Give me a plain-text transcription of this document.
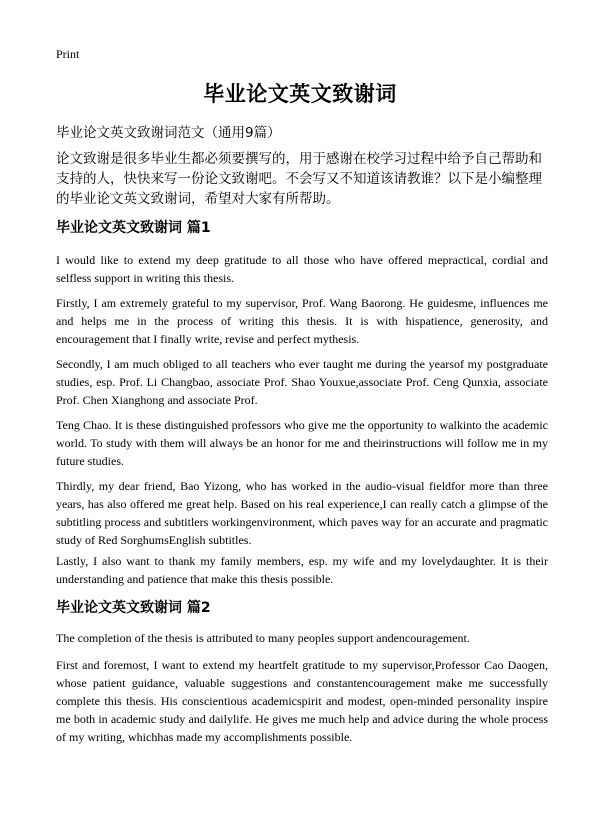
Print
毕业论文英文致谢词
毕业论文英文致谢词范文（通用9篇）
论文致谢是很多毕业生都必须要撰写的，用于感谢在校学习过程中给予自己帮助和支持的人，快快来写一份论文致谢吧。不会写又不知道该请教谁？以下是小编整理的毕业论文英文致谢词，希望对大家有所帮助。
毕业论文英文致谢词 篇1
I would like to extend my deep gratitude to all those who have offered mepractical, cordial and selfless support in writing this thesis.
Firstly, I am extremely grateful to my supervisor, Prof. Wang Baorong. He guidesme, influences me and helps me in the process of writing this thesis. It is with hispatience, generosity, and encouragement that I finally write, revise and perfect mythesis.
Secondly, I am much obliged to all teachers who ever taught me during the yearsof my postgraduate studies, esp. Prof. Li Changbao, associate Prof. Shao Youxue,associate Prof. Ceng Qunxia, associate Prof. Chen Xianghong and associate Prof.
Teng Chao. It is these distinguished professors who give me the opportunity to walkinto the academic world. To study with them will always be an honor for me and theirinstructions will follow me in my future studies.
Thirdly, my dear friend, Bao Yizong, who has worked in the audio-visual fieldfor more than three years, has also offered me great help. Based on his real experience,I can really catch a glimpse of the subtitling process and subtitlers workingenvironment, which paves way for an accurate and pragmatic study of Red SorghumsEnglish subtitles.
Lastly, I also want to thank my family members, esp. my wife and my lovelydaughter. It is their understanding and patience that make this thesis possible.
毕业论文英文致谢词 篇2
The completion of the thesis is attributed to many peoples support andencouragement.
First and foremost, I want to extend my heartfelt gratitude to my supervisor,Professor Cao Daogen, whose patient guidance, valuable suggestions and constantencouragement make me successfully complete this thesis. His conscientious academicspirit and modest, open-minded personality inspire me both in academic study and dailylife. He gives me much help and advice during the whole process of my writing, whichhas made my accomplishments possible.
